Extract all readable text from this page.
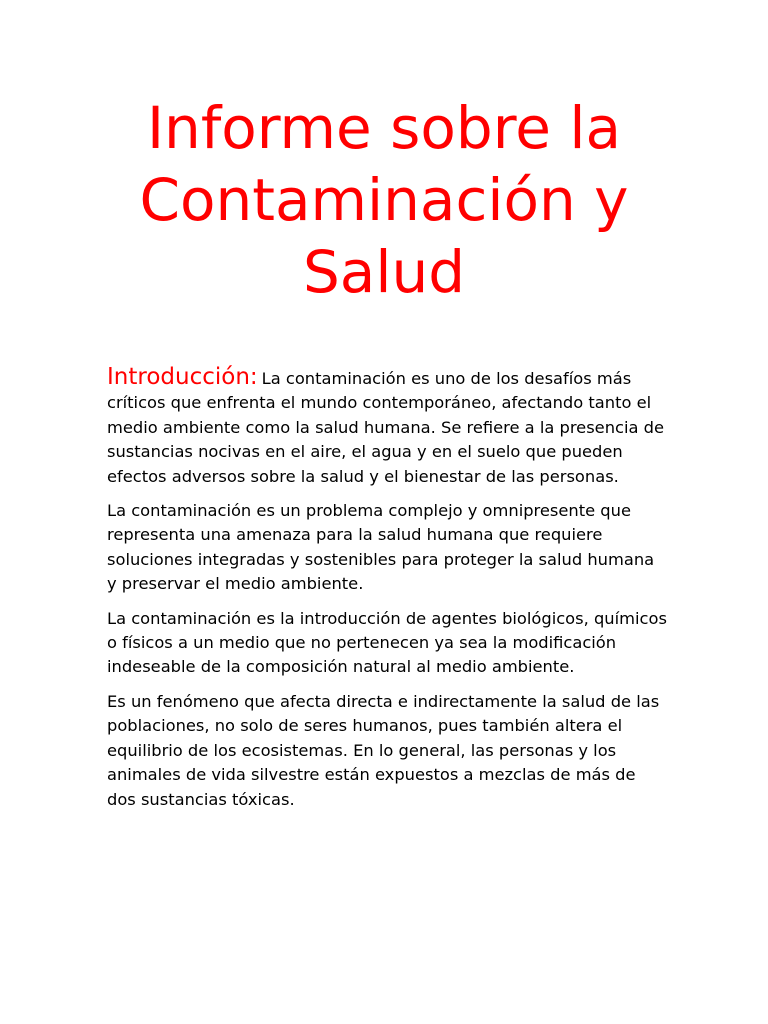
Informe sobre la Contaminación y Salud

Introducción: La contaminación es uno de los desafíos más críticos que enfrenta el mundo contemporáneo, afectando tanto el medio ambiente como la salud humana. Se refiere a la presencia de sustancias nocivas en el aire, el agua y en el suelo que pueden efectos adversos sobre la salud y el bienestar de las personas.

La contaminación es un problema complejo y omnipresente que representa una amenaza para la salud humana que requiere soluciones integradas y sostenibles para proteger la salud humana y preservar el medio ambiente.

La contaminación es la introducción de agentes biológicos, químicos o físicos a un medio que no pertenecen ya sea la modificación indeseable de la composición natural al medio ambiente.

Es un fenómeno que afecta directa e indirectamente la salud de las poblaciones, no solo de seres humanos, pues también altera el equilibrio de los ecosistemas. En lo general, las personas y los animales de vida silvestre están expuestos a mezclas de más de dos sustancias tóxicas.
